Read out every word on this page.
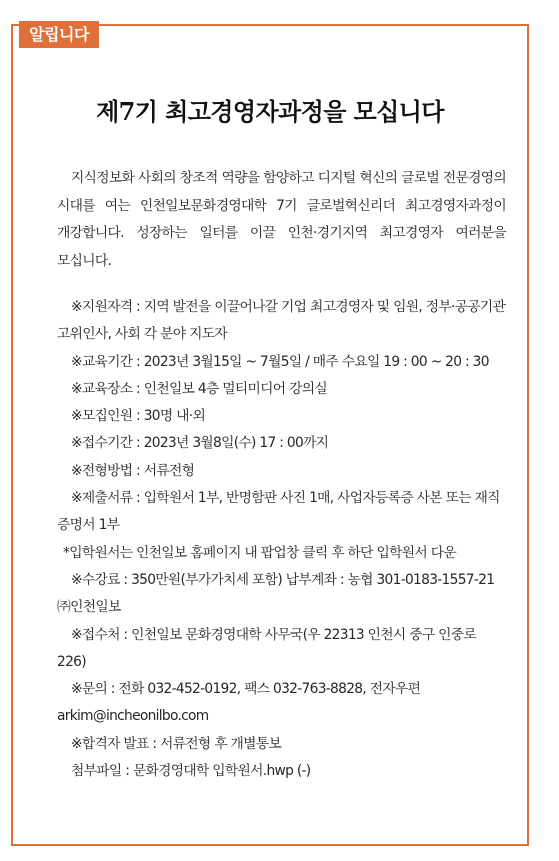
알립니다
제7기 최고경영자과정을 모십니다

지식정보화 사회의 창조적 역량을 함양하고 디지털 혁신의 글로벌 전문경영의 시대를 여는 인천일보문화경영대학 7기 글로벌혁신리더 최고경영자과정이 개강합니다. 성장하는 일터를 이끌 인천·경기지역 최고경영자 여러분을 모십니다.

※지원자격 : 지역 발전을 이끌어나갈 기업 최고경영자 및 임원, 정부·공공기관 고위인사, 사회 각 분야 지도자
※교육기간 : 2023년 3월15일 ~ 7월5일 / 매주 수요일 19 : 00 ~ 20 : 30
※교육장소 : 인천일보 4층 멀티미디어 강의실
※모집인원 : 30명 내·외
※접수기간 : 2023년 3월8일(수) 17 : 00까지
※전형방법 : 서류전형
※제출서류 : 입학원서 1부, 반명함판 사진 1매, 사업자등록증 사본 또는 재직증명서 1부
*입학원서는 인천일보 홈페이지 내 팝업창 클릭 후 하단 입학원서 다운
※수강료 : 350만원(부가가치세 포함) 납부계좌 : 농협 301-0183-1557-21 ㈜인천일보
※접수처 : 인천일보 문화경영대학 사무국(우 22313 인천시 중구 인중로 226)
※문의 : 전화 032-452-0192, 팩스 032-763-8828, 전자우편 arkim@incheonilbo.com
※합격자 발표 : 서류전형 후 개별통보
첨부파일 : 문화경영대학 입학원서.hwp (-)
